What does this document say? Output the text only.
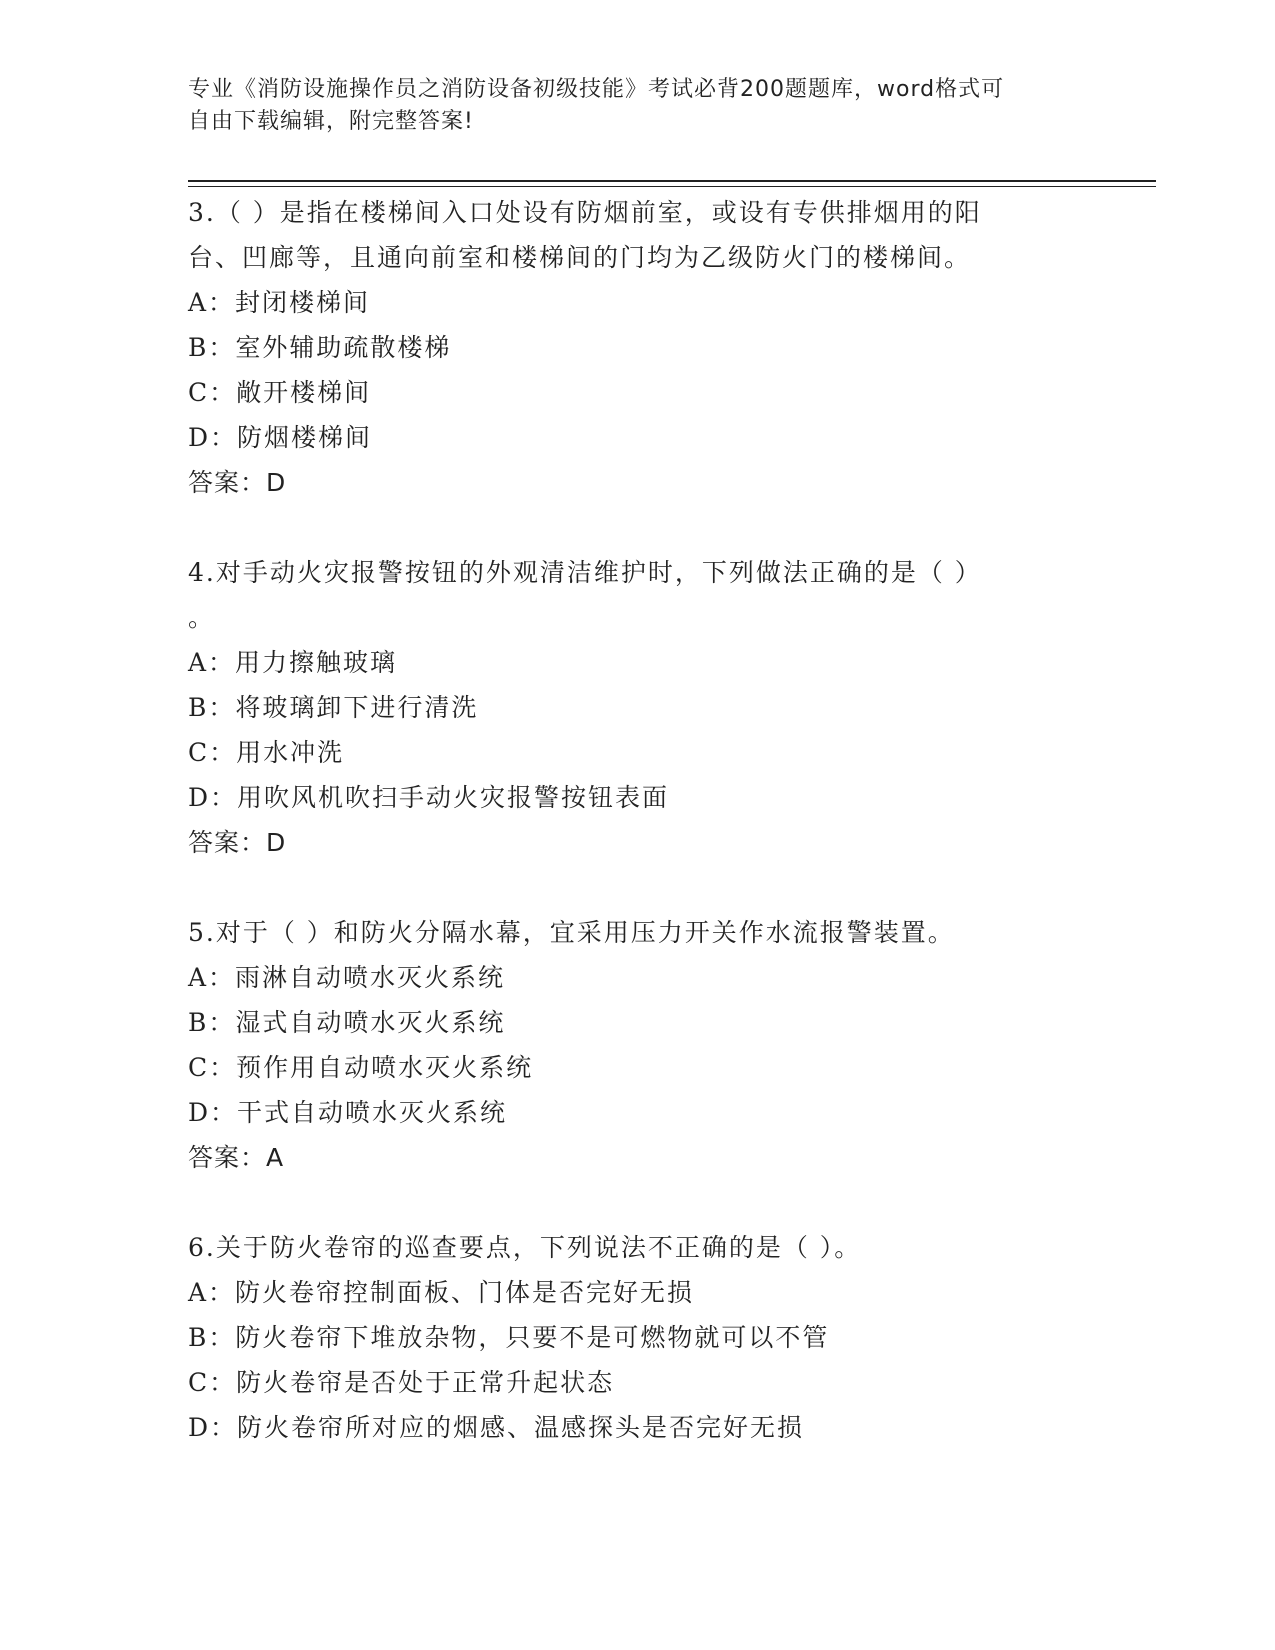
专业《消防设施操作员之消防设备初级技能》考试必背200题题库，word格式可
自由下载编辑，附完整答案!

3.（ ）是指在楼梯间入口处设有防烟前室，或设有专供排烟用的阳

台、凹廊等，且通向前室和楼梯间的门均为乙级防火门的楼梯间。

A：封闭楼梯间

B：室外辅助疏散楼梯

C：敞开楼梯间

D：防烟楼梯间

答案：D

4.对手动火灾报警按钮的外观清洁维护时，下列做法正确的是（ ）

。

A：用力擦触玻璃

B：将玻璃卸下进行清洗

C：用水冲洗

D：用吹风机吹扫手动火灾报警按钮表面

答案：D

5.对于（ ）和防火分隔水幕，宜采用压力开关作水流报警装置。

A：雨淋自动喷水灭火系统

B：湿式自动喷水灭火系统

C：预作用自动喷水灭火系统

D：干式自动喷水灭火系统

答案：A

6.关于防火卷帘的巡查要点，下列说法不正确的是（ ）。

A：防火卷帘控制面板、门体是否完好无损

B：防火卷帘下堆放杂物，只要不是可燃物就可以不管

C：防火卷帘是否处于正常升起状态

D：防火卷帘所对应的烟感、温感探头是否完好无损
